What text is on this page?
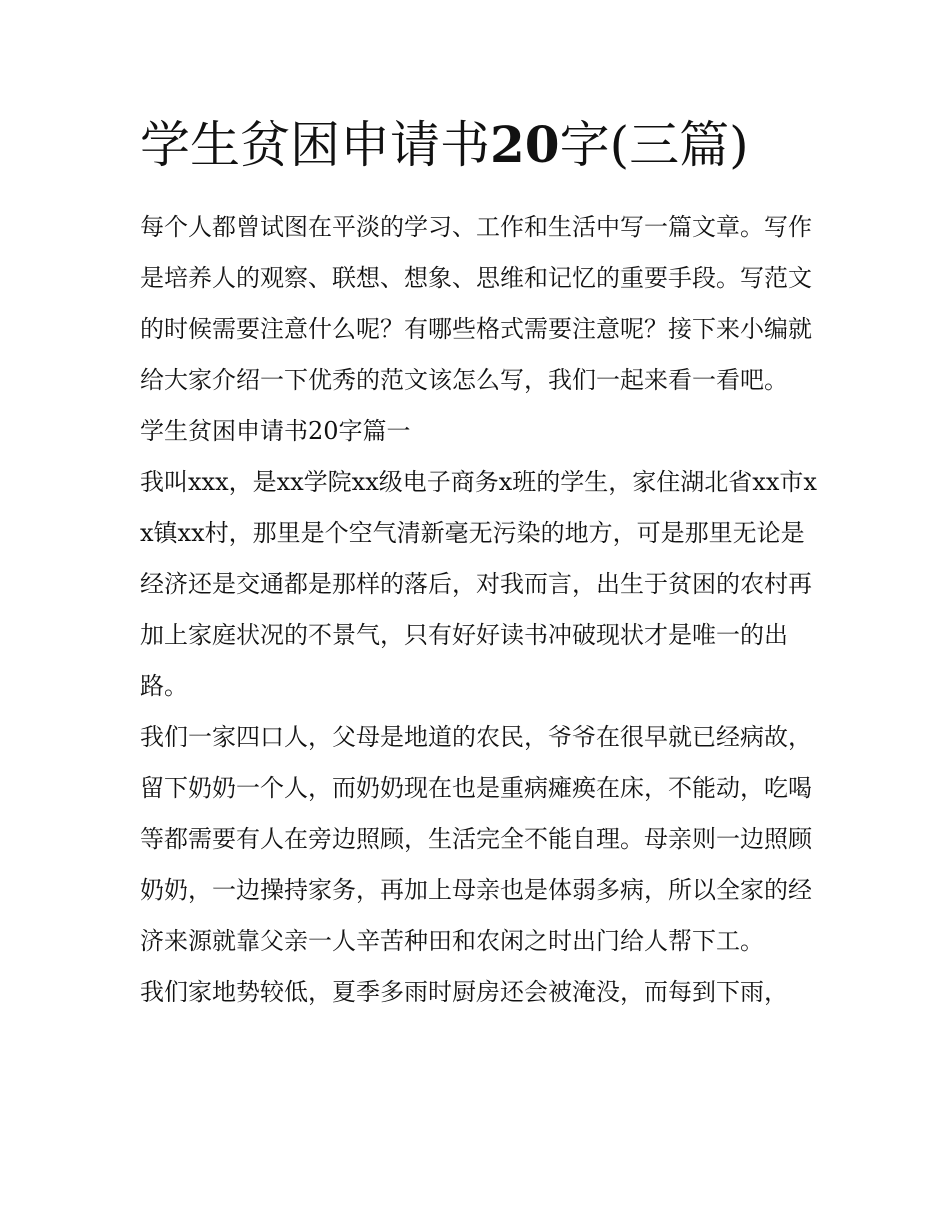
学生贫困申请书20字(三篇)

每个人都曾试图在平淡的学习、工作和生活中写一篇文章。写作是培养人的观察、联想、想象、思维和记忆的重要手段。写范文的时候需要注意什么呢？有哪些格式需要注意呢？接下来小编就给大家介绍一下优秀的范文该怎么写，我们一起来看一看吧。

学生贫困申请书20字篇一

我叫xxx，是xx学院xx级电子商务x班的学生，家住湖北省xx市xx镇xx村，那里是个空气清新毫无污染的地方，可是那里无论是经济还是交通都是那样的落后，对我而言，出生于贫困的农村再加上家庭状况的不景气，只有好好读书冲破现状才是唯一的出路。

我们一家四口人，父母是地道的农民，爷爷在很早就已经病故，留下奶奶一个人，而奶奶现在也是重病瘫痪在床，不能动，吃喝等都需要有人在旁边照顾，生活完全不能自理。母亲则一边照顾奶奶，一边操持家务，再加上母亲也是体弱多病，所以全家的经济来源就靠父亲一人辛苦种田和农闲之时出门给人帮下工。

我们家地势较低，夏季多雨时厨房还会被淹没，而每到下雨，
